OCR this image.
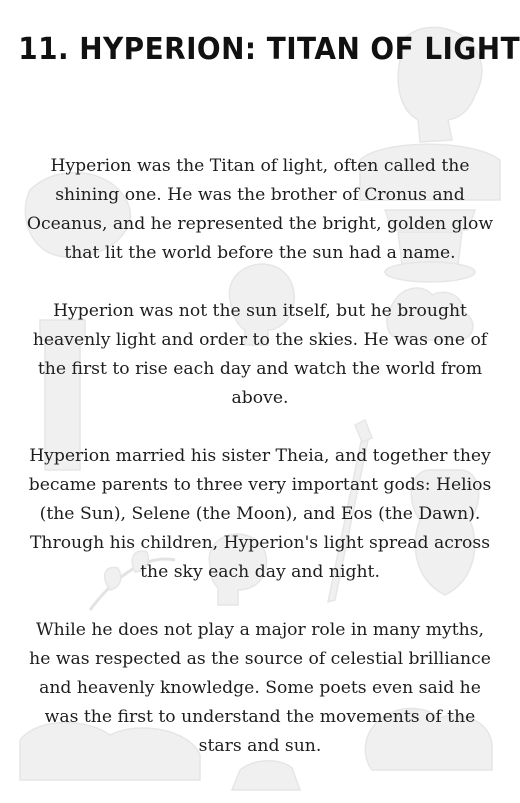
11. HYPERION: TITAN OF LIGHT

Hyperion was the Titan of light, often called the shining one. He was the brother of Cronus and Oceanus, and he represented the bright, golden glow that lit the world before the sun had a name.

Hyperion was not the sun itself, but he brought heavenly light and order to the skies. He was one of the first to rise each day and watch the world from above.

Hyperion married his sister Theia, and together they became parents to three very important gods: Helios (the Sun), Selene (the Moon), and Eos (the Dawn). Through his children, Hyperion's light spread across the sky each day and night.

While he does not play a major role in many myths, he was respected as the source of celestial brilliance and heavenly knowledge. Some poets even said he was the first to understand the movements of the stars and sun.
